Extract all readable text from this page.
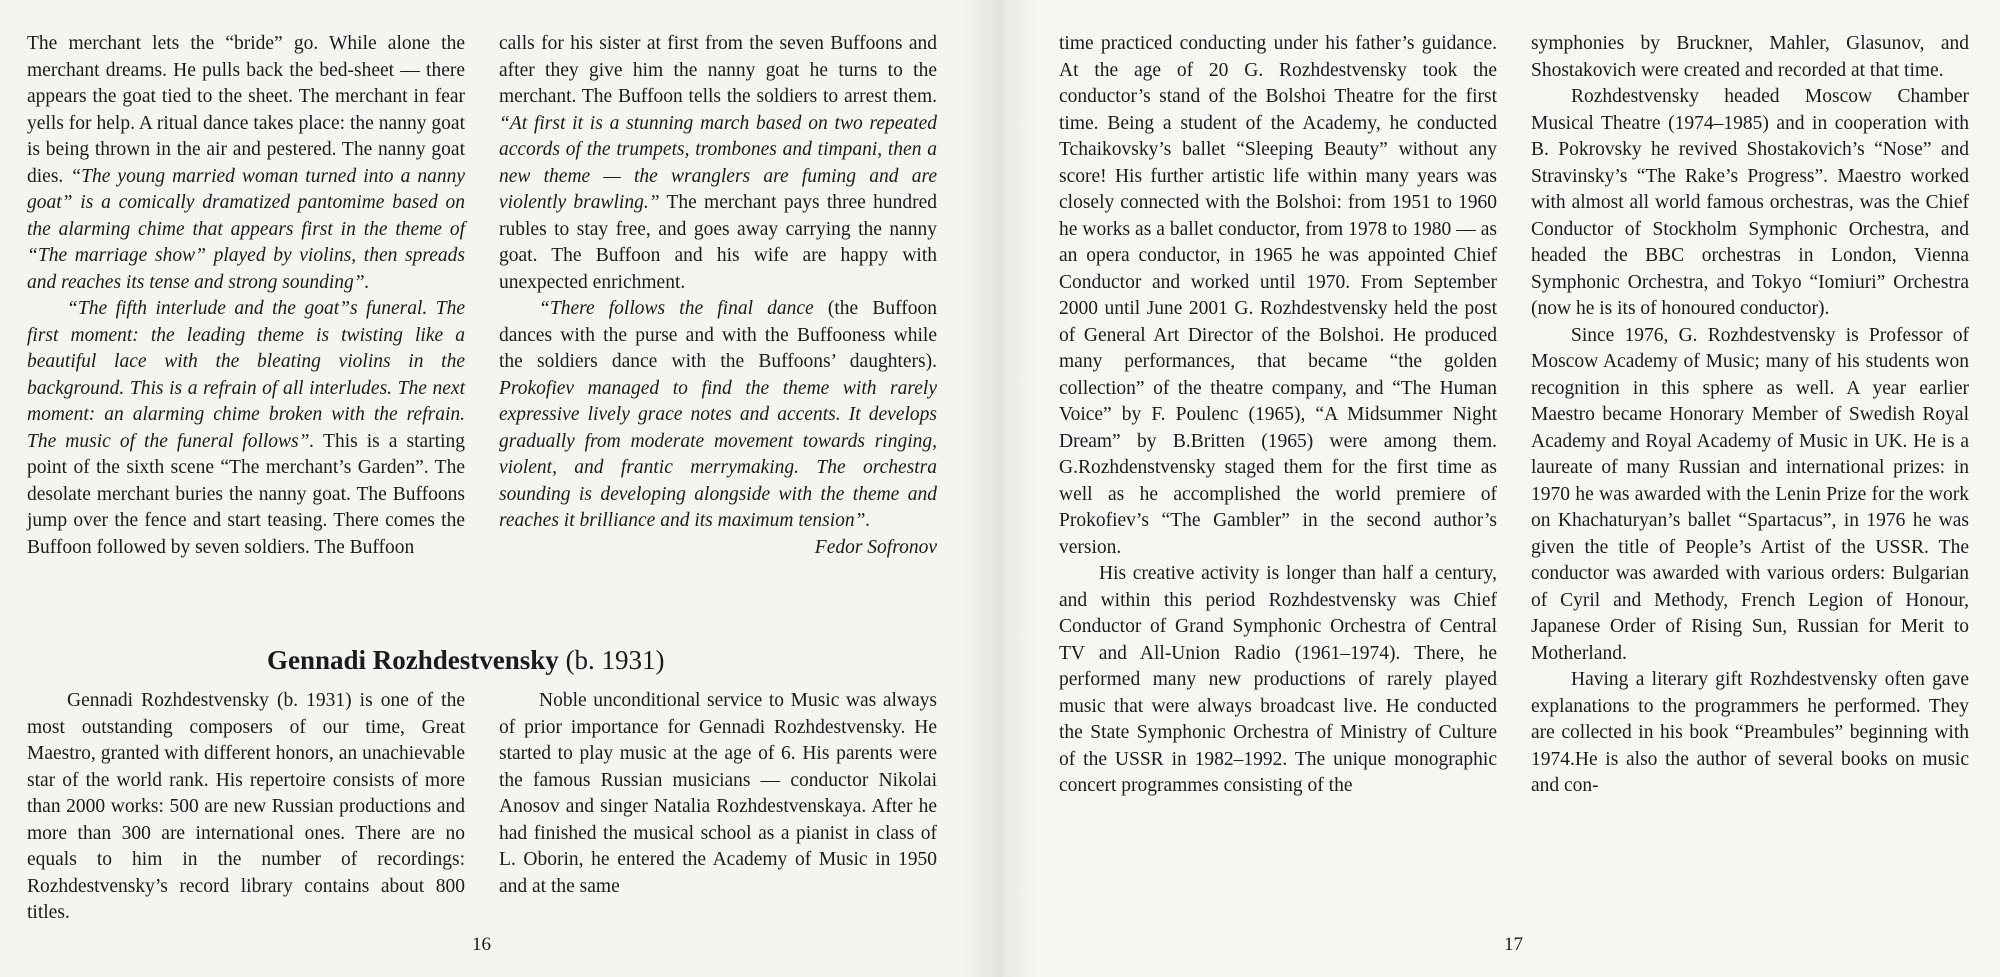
The merchant lets the “bride” go. While alone the merchant dreams. He pulls back the bed-sheet — there appears the goat tied to the sheet. The merchant in fear yells for help. A ritual dance takes place: the nanny goat is being thrown in the air and pestered. The nanny goat dies. “The young married woman turned into a nanny goat” is a comically dramatized pantomime based on the alarming chime that appears first in the theme of “The marriage show” played by violins, then spreads and reaches its tense and strong sounding”.

“The fifth interlude and the goat”s funeral. The first moment: the leading theme is twisting like a beautiful lace with the bleating violins in the background. This is a refrain of all interludes. The next moment: an alarming chime broken with the refrain. The music of the funeral follows”. This is a starting point of the sixth scene “The merchant’s Garden”. The desolate merchant buries the nanny goat. The Buffoons jump over the fence and start teasing. There comes the Buffoon followed by seven soldiers. The Buffoon

calls for his sister at first from the seven Buffoons and after they give him the nanny goat he turns to the merchant. The Buffoon tells the soldiers to arrest them. “At first it is a stunning march based on two repeated accords of the trumpets, trombones and timpani, then a new theme — the wranglers are fuming and are violently brawling.” The merchant pays three hundred rubles to stay free, and goes away carrying the nanny goat. The Buffoon and his wife are happy with unexpected enrichment.

“There follows the final dance (the Buffoon dances with the purse and with the Buffooness while the soldiers dance with the Buffoons’ daughters). Prokofiev managed to find the theme with rarely expressive lively grace notes and accents. It develops gradually from moderate movement towards ringing, violent, and frantic merrymaking. The orchestra sounding is developing alongside with the theme and reaches it brilliance and its maximum tension”.

Fedor Sofronov

Gennadi Rozhdestvensky (b. 1931)

Gennadi Rozhdestvensky (b. 1931) is one of the most outstanding composers of our time, Great Maestro, granted with different honors, an unachievable star of the world rank. His repertoire consists of more than 2000 works: 500 are new Russian productions and more than 300 are international ones. There are no equals to him in the number of recordings: Rozhdestvensky’s record library contains about 800 titles.

Noble unconditional service to Music was always of prior importance for Gennadi Rozhdestvensky. He started to play music at the age of 6. His parents were the famous Russian musicians — conductor Nikolai Anosov and singer Natalia Rozhdestvenskaya. After he had finished the musical school as a pianist in class of L. Oborin, he entered the Academy of Music in 1950 and at the same

16

time practiced conducting under his father’s guidance. At the age of 20 G. Rozhdestvensky took the conductor’s stand of the Bolshoi Theatre for the first time. Being a student of the Academy, he conducted Tchaikovsky’s ballet “Sleeping Beauty” without any score! His further artistic life within many years was closely connected with the Bolshoi: from 1951 to 1960 he works as a ballet conductor, from 1978 to 1980 — as an opera conductor, in 1965 he was appointed Chief Conductor and worked until 1970. From September 2000 until June 2001 G. Rozhdestvensky held the post of General Art Director of the Bolshoi. He produced many performances, that became “the golden collection” of the theatre company, and “The Human Voice” by F. Poulenc (1965), “A Midsummer Night Dream” by B.Britten (1965) were among them. G.Rozhdenstvensky staged them for the first time as well as he accomplished the world premiere of Prokofiev’s “The Gambler” in the second author’s version.

His creative activity is longer than half a century, and within this period Rozhdestvensky was Chief Conductor of Grand Symphonic Orchestra of Central TV and All-Union Radio (1961–1974). There, he performed many new productions of rarely played music that were always broadcast live. He conducted the State Symphonic Orchestra of Ministry of Culture of the USSR in 1982–1992. The unique monographic concert programmes consisting of the

symphonies by Bruckner, Mahler, Glasunov, and Shostakovich were created and recorded at that time.

Rozhdestvensky headed Moscow Chamber Musical Theatre (1974–1985) and in cooperation with B. Pokrovsky he revived Shostakovich’s “Nose” and Stravinsky’s “The Rake’s Progress”. Maestro worked with almost all world famous orchestras, was the Chief Conductor of Stockholm Symphonic Orchestra, and headed the BBC orchestras in London, Vienna Symphonic Orchestra, and Tokyo “Iomiuri” Orchestra (now he is its of honoured conductor).

Since 1976, G. Rozhdestvensky is Professor of Moscow Academy of Music; many of his students won recognition in this sphere as well. A year earlier Maestro became Honorary Member of Swedish Royal Academy and Royal Academy of Music in UK. He is a laureate of many Russian and international prizes: in 1970 he was awarded with the Lenin Prize for the work on Khachaturyan’s ballet “Spartacus”, in 1976 he was given the title of People’s Artist of the USSR. The conductor was awarded with various orders: Bulgarian of Cyril and Methody, French Legion of Honour, Japanese Order of Rising Sun, Russian for Merit to Motherland.

Having a literary gift Rozhdestvensky often gave explanations to the programmers he performed. They are collected in his book “Preambules” beginning with 1974.He is also the author of several books on music and con-

17
